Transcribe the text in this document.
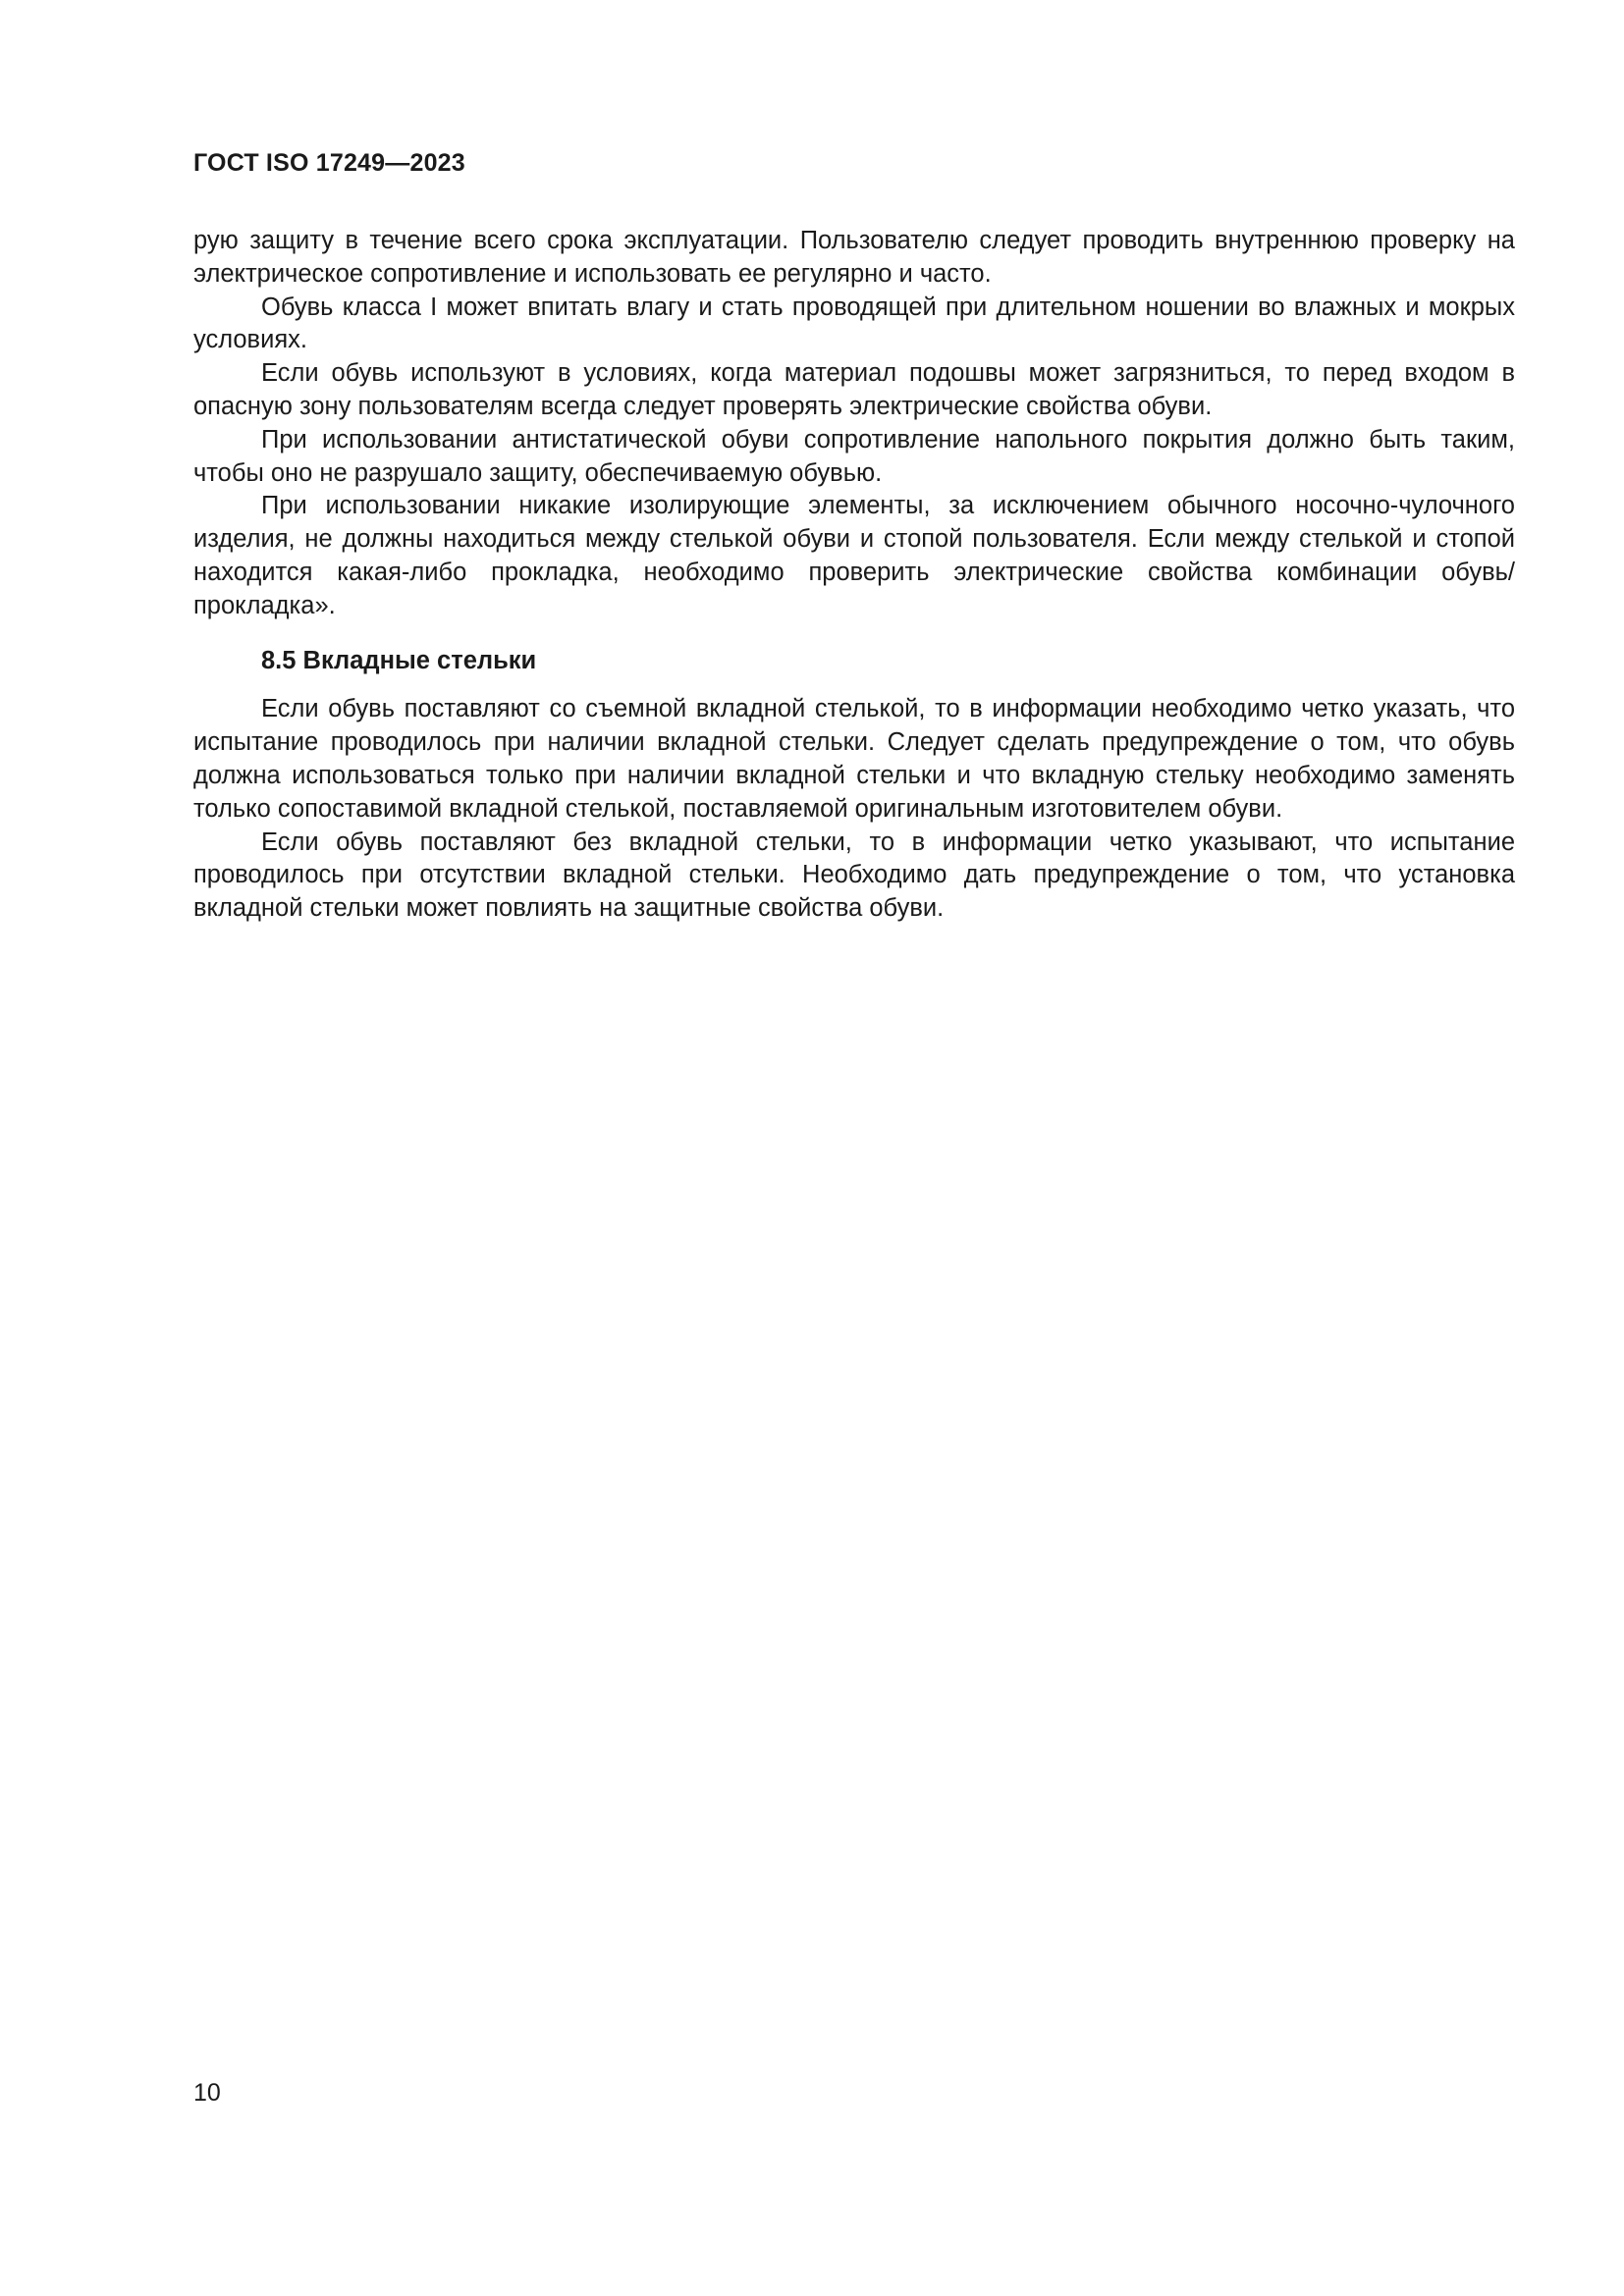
ГОСТ ISO 17249—2023

рую защиту в течение всего срока эксплуатации. Пользователю следует проводить внутреннюю проверку на электрическое сопротивление и использовать ее регулярно и часто.

Обувь класса I может впитать влагу и стать проводящей при длительном ношении во влажных и мокрых условиях.

Если обувь используют в условиях, когда материал подошвы может загрязниться, то перед входом в опасную зону пользователям всегда следует проверять электрические свойства обуви.

При использовании антистатической обуви сопротивление напольного покрытия должно быть таким, чтобы оно не разрушало защиту, обеспечиваемую обувью.

При использовании никакие изолирующие элементы, за исключением обычного носочно-чулочного изделия, не должны находиться между стелькой обуви и стопой пользователя. Если между стелькой и стопой находится какая-либо прокладка, необходимо проверить электрические свойства комбинации обувь/прокладка».

8.5 Вкладные стельки

Если обувь поставляют со съемной вкладной стелькой, то в информации необходимо четко указать, что испытание проводилось при наличии вкладной стельки. Следует сделать предупреждение о том, что обувь должна использоваться только при наличии вкладной стельки и что вкладную стельку необходимо заменять только сопоставимой вкладной стелькой, поставляемой оригинальным изготовителем обуви.

Если обувь поставляют без вкладной стельки, то в информации четко указывают, что испытание проводилось при отсутствии вкладной стельки. Необходимо дать предупреждение о том, что установка вкладной стельки может повлиять на защитные свойства обуви.

10
